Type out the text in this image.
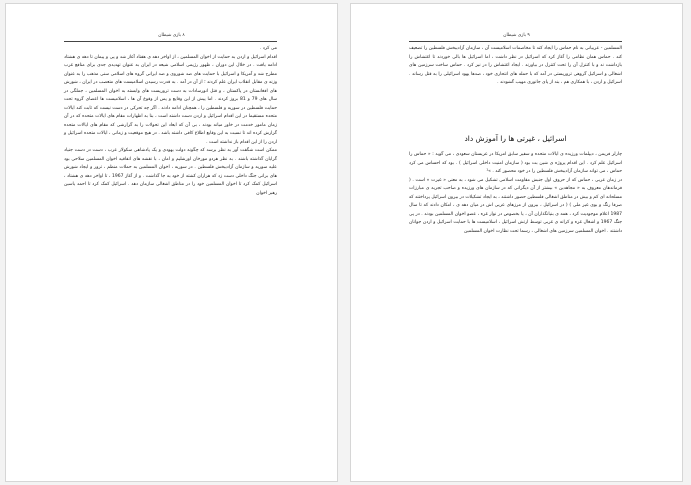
۸ بازی شیطان

می کرد .

اقدام اسرائیل و اردن به حمایت از اخوان المسلمین ، از اواخر دهه ی هفتاد آغاز شد و پی و پیمان تا دهه ی هشتاد ادامه یافت . در خلال این دوران ، ظهور رژیمی اسلامی شیعه در ایران به عنوان تهدیدی جدی برای منافع غرب مطرح شد و آمریکا و اسرائیل با حمایت های ضد شوروی و ضد ایرانی گروه های اسلامی سنی مذهب را به عنوان وزنه ی مقابل انقلاب ایران علم کردند ؛ از آن در آمد . به قدرت رسیدن اسلامیست های متعصب در ایران ، شورش های افغانستان در پاکستان ، و قتل انورسادات به دست تروریست های وابسته به اخوان المسلمین ، جملگی در سال های 79 و 81 بروز کردند . اما پیش از این وقایع و پس از وقوع آن ها ، اسلامیست ها اعضای گروه تحت حمایت فلسطین در سوریه و فلسطین را ، همچنان ادامه دادند . اگر چه تحرکی در دست نیست که ثابت کند ایالات متحده مستقیما در این اقدام اسرائیل و اردن دست داشته است ، بنا به اظهارات مقام های ایالات متحده که در آن زمان مامور خدمت در خاور میانه بودند ، بی آن که ابعاد این تحولات را به گزارشی که مقام های ایالات متحده گزارش کرده اند تا نسبت به این وقایع اطلاع کافی داشته باشد . در هیچ موقعیت و زمانی ، ایالات متحده اسرائیل و اردن را از این اقدام باز نداشته است .

ممکن است شگفت آور به نظر برسد که چگونه دولت یهودی و یک پادشاهی سکولار عرب ، دست در دست جنیاد گرایان گذاشته باشند . به نظر هردو مورخان اورشلیم و امان ، با نقشه های اتفاقیه اخوان المسلمین سلاحی بود علیه سوریه و سازمان آزادیبخش فلسطین . در سوریه ، اخوان المسلمین به حملات منظم ، ترور و ایجاد شورش های برانی جنگ داخلی دست زد که هزاران کشته از خود به جا گذاشت . و از آغاز 1967 ، تا اواخر دهه ی هشتاد ، اسرائیل کمک کرد تا اخوان المسلمین خود را در مناطق اشغالی سازمان دهد . اسرائیل کمک کرد تا احمد یاسین رهبر اخوان

۹ بازی شیطان

المسلمین - عربیانی به نام حماس را ایجاد کند تا مخاصمات اسلامیست آن ، سازمان آزادیبخش فلسطین را تضعیف کند . حماس همان نظامی را آغاز کرد که اسرائیل در نظر داشت ، اما اسرائیل ها بالی خوردند تا اغتشاش را بازداشت ند و با کنترل آن را تحت کنترل در بیاورند . ایجاد اغتشاش را در نیز کرد . حماس ساخت سرزمین های اشغالی و اسرائیل گروهی تروریستی در آمد که با حمله های انتحاری خود ، صدها یهود اسرائیلی را به قتل رساند . اسرائیل و اردن ، با همکاری هم ، بند از پای جانوری مهیب گشودند .

اسرائیل ، غیرتی ها را آموزش داد

چارلز فریمن ، دیپلمات ورزیده ی ایالات متحده و سفیر سابق امریکا در عربستان سعودی ، می گوید : « حماس را اسرائیل علم کرد . این اقدام پروژه ی شین بت بود ( سازمان امنیت داخلی اسرائیل ) . بود که احساس می کرد حماس ، می تواند سازمان آزادیبخش فلسطین را در خود محصور کند . »¹

در زمان عربی ، حماس که از حروف اول جنبش مقاومت اسلامی تشکیل می شود ، به معنی « غیرت » است . ( فرماندهان معروف به « مجاهدین » بیشتر از آن دیگرانی که در سازمان های ورزیده و صاحب تجربه ی مبارزات مسلحانه ای کم و بیش در مناطق اشغالی فلسطین حضور داشتند ، به ایجاد تشکیلات در بیرون اسرائیل پرداختند که صرفا رنگ و بوی غیر ملی ) ( در اسرائیل ، بیرون از مرزهای عربی اش در میان دهه ی ، امکان دادند که تا سال 1987 اعلام موجودیت کرد ، همه ی بنیانگذاران آن ، یا بخصوص در نوار غزه ، عضو اخوان المسلمین بودند . در پی جنگ 1967 و اشغال غزه و کرانه ی غربی توسط ارتش اسرائیل ، اسلامیست ها با حمایت اسرائیل و اردن جوانان داشتند . اخوان المسلمین سرزمین های اشغالی ، رسما تحت نظارت اخوان المسلمین
